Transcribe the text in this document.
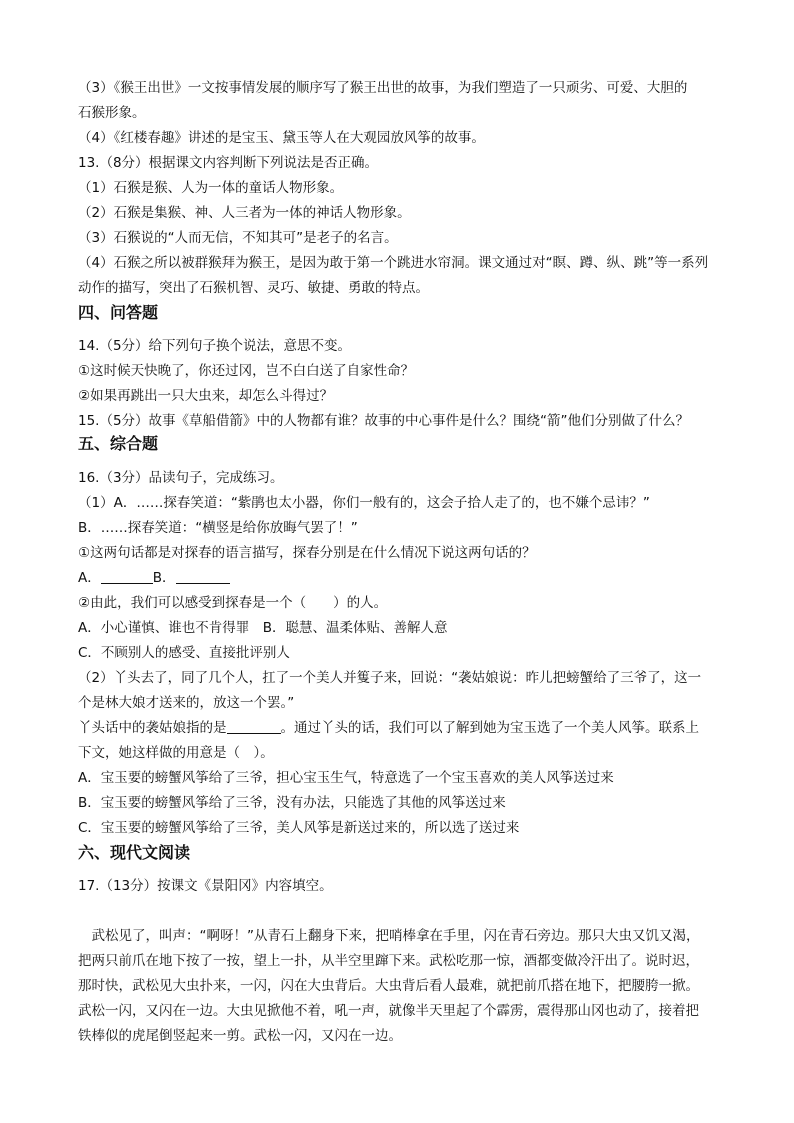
（3）《猴王出世》一文按事情发展的顺序写了猴王出世的故事，为我们塑造了一只顽劣、可爱、大胆的
石猴形象。
（4）《红楼春趣》讲述的是宝玉、黛玉等人在大观园放风筝的故事。
13.（8分）根据课文内容判断下列说法是否正确。
（1）石猴是猴、人为一体的童话人物形象。
（2）石猴是集猴、神、人三者为一体的神话人物形象。
（3）石猴说的“人而无信，不知其可”是老子的名言。
（4）石猴之所以被群猴拜为猴王，是因为敢于第一个跳进水帘洞。课文通过对“瞑、蹲、纵、跳”等一系列
动作的描写，突出了石猴机智、灵巧、敏捷、勇敢的特点。
四、问答题
14.（5分）给下列句子换个说法，意思不变。
①这时候天快晚了，你还过冈，岂不白白送了自家性命？
②如果再跳出一只大虫来，却怎么斗得过？
15.（5分）故事《草船借箭》中的人物都有谁？故事的中心事件是什么？围绕“箭”他们分别做了什么？
五、综合题
16.（3分）品读句子，完成练习。
（1）A．……探春笑道：“紫鹃也太小器，你们一般有的，这会子拾人走了的，也不嫌个忌讳？”
B．……探春笑道：“横竖是给你放晦气罢了！”
①这两句话都是对探春的语言描写，探春分别是在什么情况下说这两句话的？
A．	B．
②由此，我们可以感受到探春是一个（　　）的人。
A．小心谨慎、谁也不肯得罪　B．聪慧、温柔体贴、善解人意
C．不顾别人的感受、直接批评别人
（2）丫头去了，同了几个人，扛了一个美人并篗子来，回说：“袭姑娘说：昨儿把螃蟹给了三爷了，这一
个是林大娘才送来的，放这一个罢。”
丫头话中的袭姑娘指的是	。通过丫头的话，我们可以了解到她为宝玉选了一个美人风筝。联系上
下文，她这样做的用意是（　）。
A．宝玉要的螃蟹风筝给了三爷，担心宝玉生气，特意选了一个宝玉喜欢的美人风筝送过来
B．宝玉要的螃蟹风筝给了三爷，没有办法，只能选了其他的风筝送过来
C．宝玉要的螃蟹风筝给了三爷，美人风筝是新送过来的，所以选了送过来
六、现代文阅读
17.（13分）按课文《景阳冈》内容填空。
　武松见了，叫声：“啊呀！”从青石上翻身下来，把哨棒拿在手里，闪在青石旁边。那只大虫又饥又渴，
把两只前爪在地下按了一按，望上一扑，从半空里蹿下来。武松吃那一惊，酒都变做冷汗出了。说时迟，
那时快，武松见大虫扑来，一闪，闪在大虫背后。大虫背后看人最难，就把前爪搭在地下，把腰胯一掀。
武松一闪，又闪在一边。大虫见掀他不着，吼一声，就像半天里起了个霹雳，震得那山冈也动了，接着把
铁棒似的虎尾倒竖起来一剪。武松一闪，又闪在一边。
